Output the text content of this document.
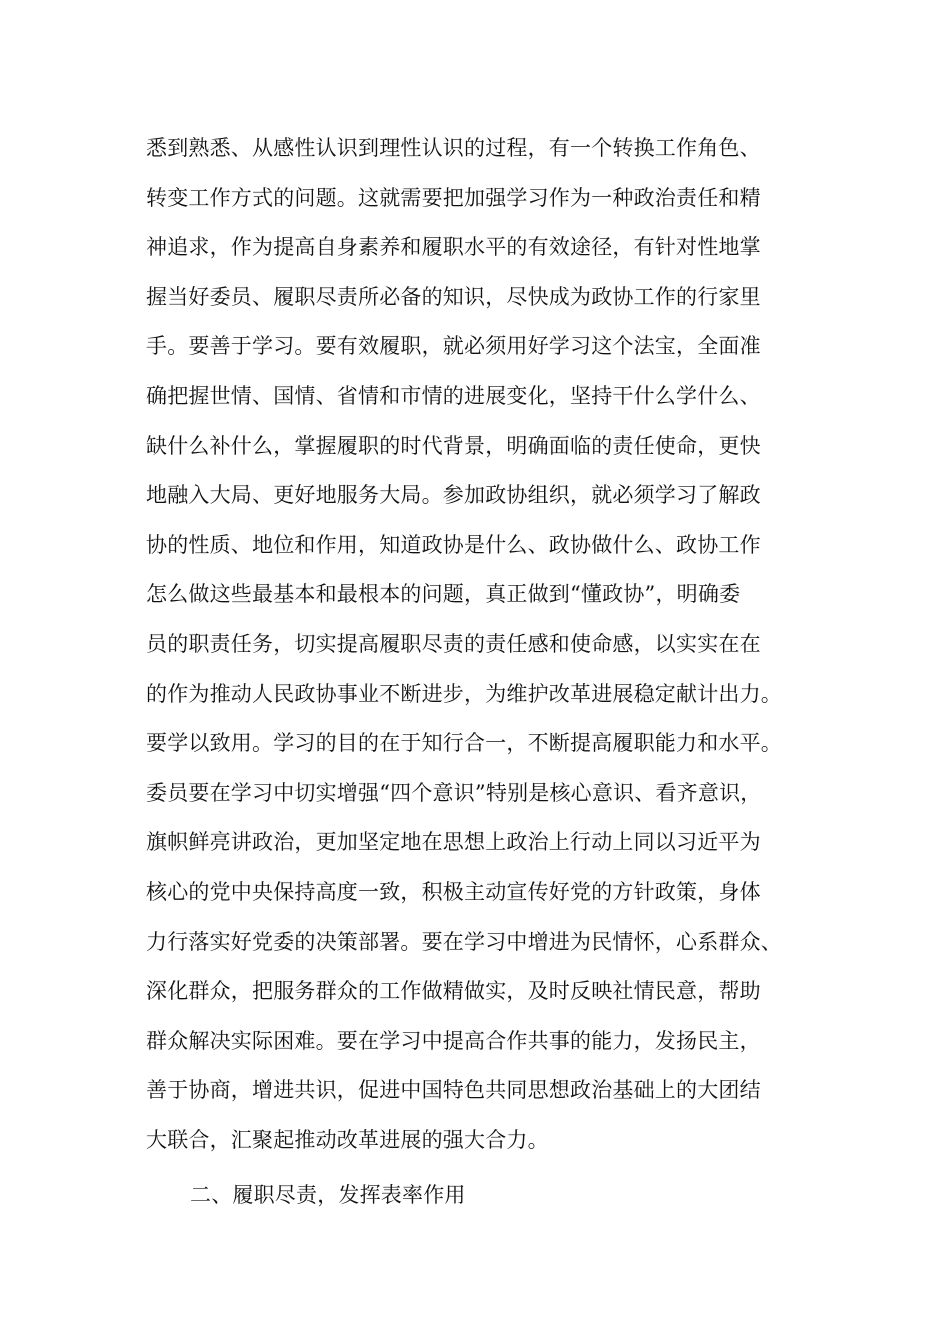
悉到熟悉、从感性认识到理性认识的过程，有一个转换工作角色、
转变工作方式的问题。这就需要把加强学习作为一种政治责任和精
神追求，作为提高自身素养和履职水平的有效途径，有针对性地掌
握当好委员、履职尽责所必备的知识，尽快成为政协工作的行家里
手。要善于学习。要有效履职，就必须用好学习这个法宝，全面准
确把握世情、国情、省情和市情的进展变化，坚持干什么学什么、
缺什么补什么，掌握履职的时代背景，明确面临的责任使命，更快
地融入大局、更好地服务大局。参加政协组织，就必须学习了解政
协的性质、地位和作用，知道政协是什么、政协做什么、政协工作
怎么做这些最基本和最根本的问题，真正做到“懂政协”，明确委
员的职责任务，切实提高履职尽责的责任感和使命感，以实实在在
的作为推动人民政协事业不断进步，为维护改革进展稳定献计出力。
要学以致用。学习的目的在于知行合一，不断提高履职能力和水平。
委员要在学习中切实增强“四个意识”特别是核心意识、看齐意识，
旗帜鲜亮讲政治，更加坚定地在思想上政治上行动上同以习近平为
核心的党中央保持高度一致，积极主动宣传好党的方针政策，身体
力行落实好党委的决策部署。要在学习中增进为民情怀，心系群众、
深化群众，把服务群众的工作做精做实，及时反映社情民意，帮助
群众解决实际困难。要在学习中提高合作共事的能力，发扬民主，
善于协商，增进共识，促进中国特色共同思想政治基础上的大团结
大联合，汇聚起推动改革进展的强大合力。
二、履职尽责，发挥表率作用
